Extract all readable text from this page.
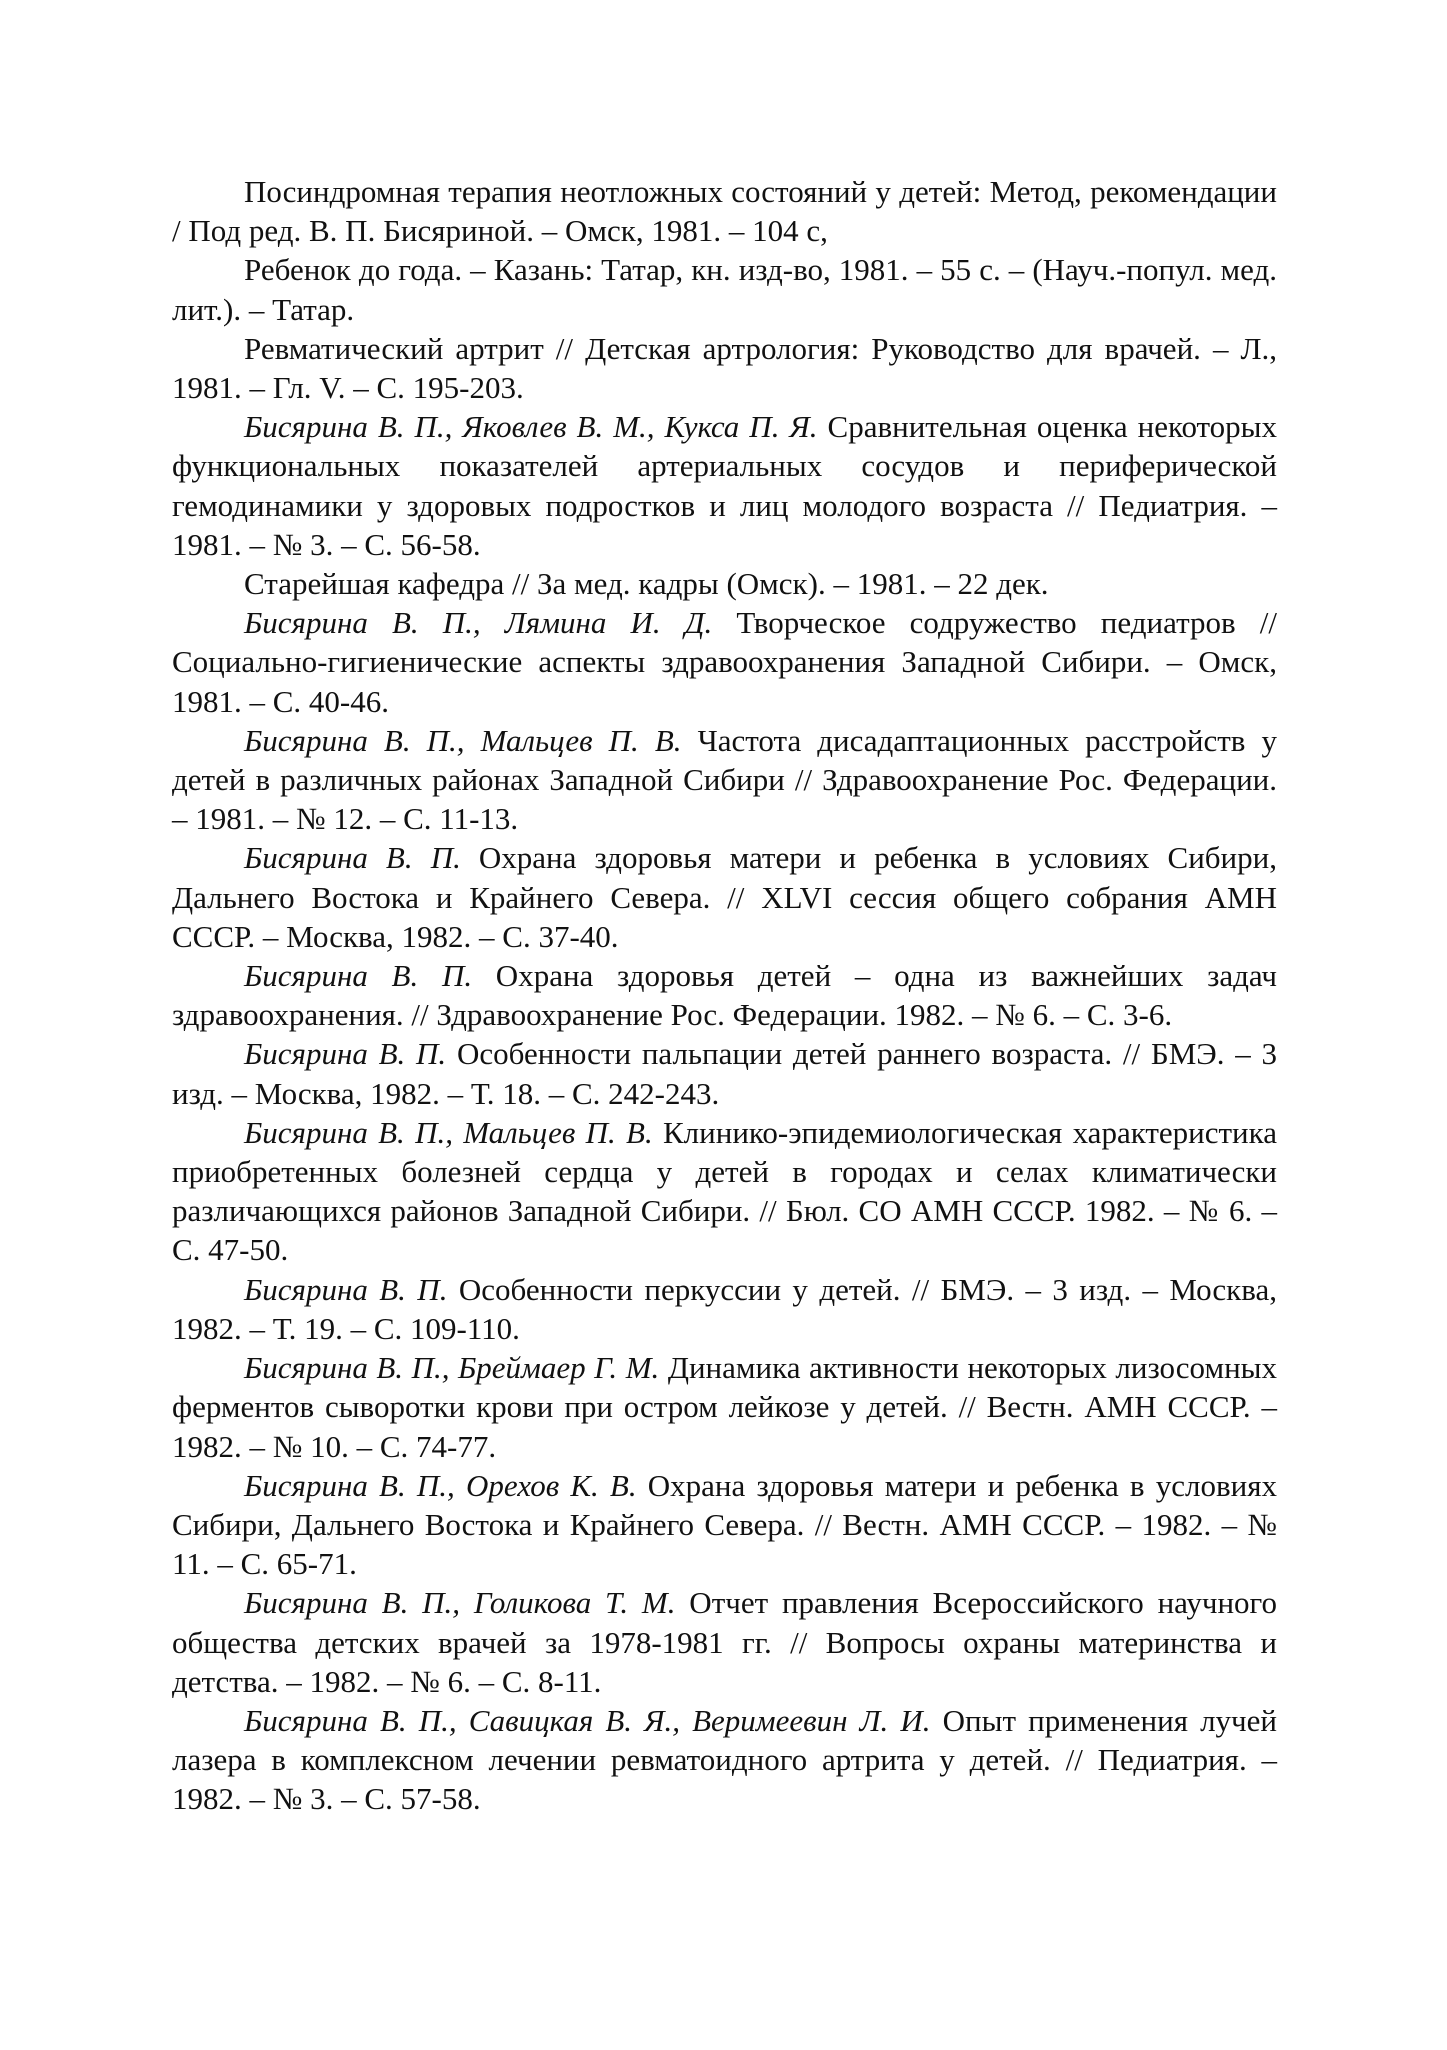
Посиндромная терапия неотложных состояний у детей: Метод, рекомендации / Под ред. В. П. Бисяриной. – Омск, 1981. – 104 с,

Ребенок до года. – Казань: Татар, кн. изд-во, 1981. – 55 с. – (Науч.-попул. мед. лит.). – Татар.

Ревматический артрит // Детская артрология: Руководство для врачей. – Л., 1981. – Гл. V. – С. 195-203.

Бисярина В. П., Яковлев В. М., Кукса П. Я. Сравнительная оценка некоторых функциональных показателей артериальных сосудов и периферической гемодинамики у здоровых подростков и лиц молодого возраста // Педиатрия. – 1981. – № 3. – С. 56-58.

Старейшая кафедра // За мед. кадры (Омск). – 1981. – 22 дек.

Бисярина В. П., Лямина И. Д. Творческое содружество педиатров // Социально-гигиенические аспекты здравоохранения Западной Сибири. – Омск, 1981. – С. 40-46.

Бисярина В. П., Мальцев П. В. Частота дисадаптационных расстройств у детей в различных районах Западной Сибири // Здравоохранение Рос. Федерации. – 1981. – № 12. – С. 11-13.

Бисярина В. П. Охрана здоровья матери и ребенка в условиях Сибири, Дальнего Востока и Крайнего Севера. // XLVI сессия общего собрания АМН СССР. – Москва, 1982. – С. 37-40.

Бисярина В. П. Охрана здоровья детей – одна из важнейших задач здравоохранения. // Здравоохранение Рос. Федерации. 1982. – № 6. – С. 3-6.

Бисярина В. П. Особенности пальпации детей раннего возраста. // БМЭ. – 3 изд. – Москва, 1982. – Т. 18. – С. 242-243.

Бисярина В. П., Мальцев П. В. Клинико-эпидемиологическая характеристика приобретенных болезней сердца у детей в городах и селах климатически различающихся районов Западной Сибири. // Бюл. СО АМН СССР. 1982. – № 6. – С. 47-50.

Бисярина В. П. Особенности перкуссии у детей. // БМЭ. – 3 изд. – Москва, 1982. – Т. 19. – С. 109-110.

Бисярина В. П., Бреймаер Г. М. Динамика активности некоторых лизосомных ферментов сыворотки крови при остром лейкозе у детей. // Вестн. АМН СССР. – 1982. – № 10. – С. 74-77.

Бисярина В. П., Орехов К. В. Охрана здоровья матери и ребенка в условиях Сибири, Дальнего Востока и Крайнего Севера. // Вестн. АМН СССР. – 1982. – № 11. – С. 65-71.

Бисярина В. П., Голикова Т. М. Отчет правления Всероссийского научного общества детских врачей за 1978-1981 гг. // Вопросы охраны материнства и детства. – 1982. – № 6. – С. 8-11.

Бисярина В. П., Савицкая В. Я., Веримеевин Л. И. Опыт применения лучей лазера в комплексном лечении ревматоидного артрита у детей. // Педиатрия. – 1982. – № 3. – С. 57-58.
